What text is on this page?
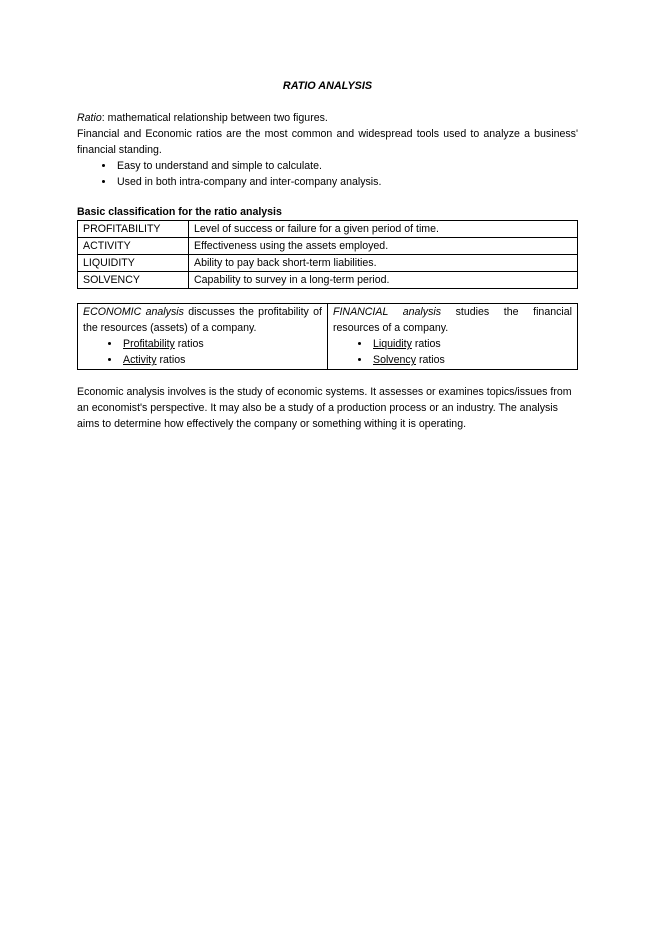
RATIO ANALYSIS

Ratio: mathematical relationship between two figures.

Financial and Economic ratios are the most common and widespread tools used to analyze a business' financial standing.

• Easy to understand and simple to calculate.
• Used in both intra-company and inter-company analysis.

Basic classification for the ratio analysis

PROFITABILITY	Level of success or failure for a given period of time.
ACTIVITY	Effectiveness using the assets employed.
LIQUIDITY	Ability to pay back short-term liabilities.
SOLVENCY	Capability to survey in a long-term period.

ECONOMIC analysis discusses the profitability of the resources (assets) of a company.

• Profitability ratios
• Activity ratios

FINANCIAL analysis studies the financial resources of a company.

• Liquidity ratios
• Solvency ratios

Economic analysis involves is the study of economic systems. It assesses or examines topics/issues from an economist's perspective. It may also be a study of a production process or an industry. The analysis aims to determine how effectively the company or something withing it is operating.
